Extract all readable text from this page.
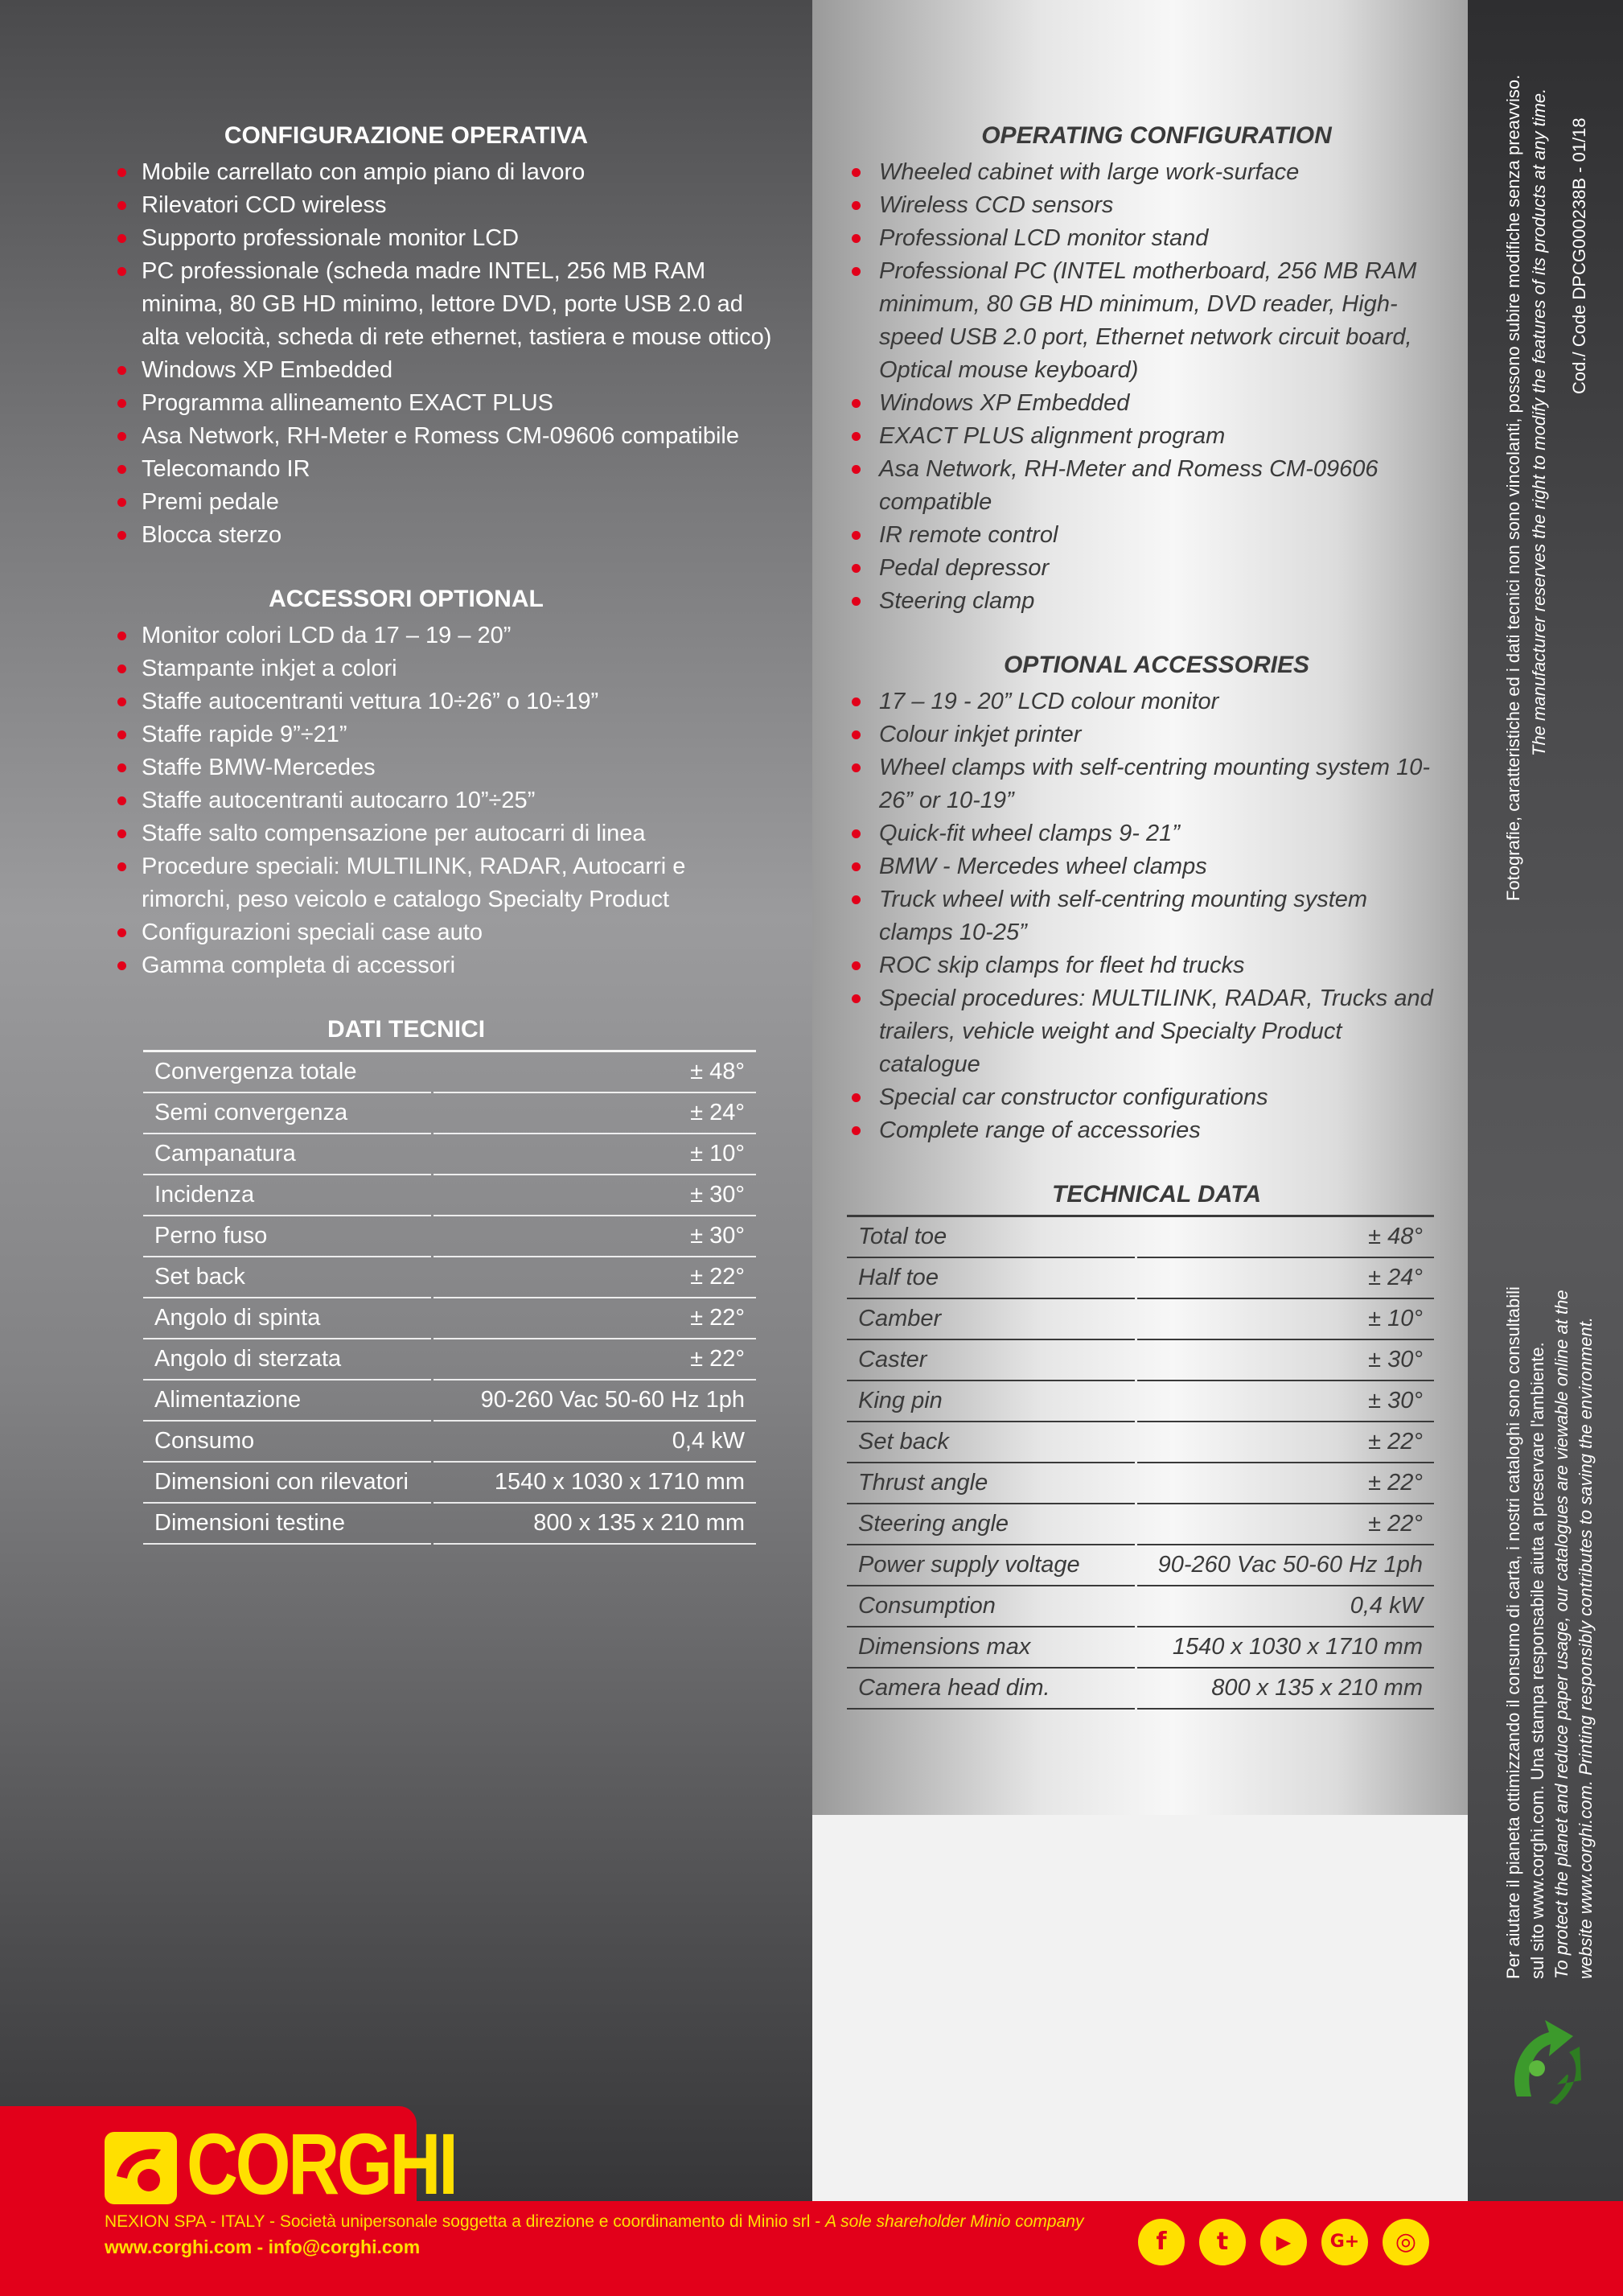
CONFIGURAZIONE OPERATIVA
Mobile carrellato con ampio piano di lavoro
Rilevatori CCD wireless
Supporto professionale monitor LCD
PC professionale (scheda madre INTEL, 256 MB RAM minima, 80 GB HD minimo, lettore DVD, porte USB 2.0 ad alta velocità, scheda di rete ethernet, tastiera e mouse ottico)
Windows XP Embedded
Programma allineamento EXACT PLUS
Asa Network, RH-Meter e Romess CM-09606 compatibile
Telecomando IR
Premi pedale
Blocca sterzo
ACCESSORI OPTIONAL
Monitor colori LCD da 17 – 19 – 20”
Stampante inkjet a colori
Staffe autocentranti vettura 10÷26” o 10÷19”
Staffe rapide 9”÷21”
Staffe BMW-Mercedes
Staffe autocentranti autocarro 10”÷25”
Staffe salto compensazione per autocarri di linea
Procedure speciali: MULTILINK, RADAR, Autocarri e rimorchi, peso veicolo e catalogo Specialty Product
Configurazioni speciali case auto
Gamma completa di accessori
DATI TECNICI
Convergenza totale	± 48°
Semi convergenza	± 24°
Campanatura	± 10°
Incidenza	± 30°
Perno fuso	± 30°
Set back	± 22°
Angolo di spinta	± 22°
Angolo di sterzata	± 22°
Alimentazione	90-260 Vac 50-60 Hz 1ph
Consumo	0,4 kW
Dimensioni con rilevatori	1540 x 1030 x 1710 mm
Dimensioni testine	800 x 135 x 210 mm
OPERATING CONFIGURATION
Wheeled cabinet with large work-surface
Wireless CCD sensors
Professional LCD monitor stand
Professional PC (INTEL motherboard, 256 MB RAM minimum, 80 GB HD minimum, DVD reader, High-speed USB 2.0 port, Ethernet network circuit board, Optical mouse keyboard)
Windows XP Embedded
EXACT PLUS alignment program
Asa Network, RH-Meter and Romess CM-09606 compatible
IR remote control
Pedal depressor
Steering clamp
OPTIONAL ACCESSORIES
17 – 19 - 20” LCD colour monitor
Colour inkjet printer
Wheel clamps with self-centring mounting system 10-26” or 10-19”
Quick-fit wheel clamps 9- 21”
BMW - Mercedes wheel clamps
Truck wheel with self-centring mounting system clamps 10-25”
ROC skip clamps for fleet hd trucks
Special procedures: MULTILINK, RADAR, Trucks and trailers, vehicle weight and Specialty Product catalogue
Special car constructor configurations
Complete range of accessories
TECHNICAL DATA
Total toe	± 48°
Half toe	± 24°
Camber	± 10°
Caster	± 30°
King pin	± 30°
Set back	± 22°
Thrust angle	± 22°
Steering angle	± 22°
Power supply voltage	90-260 Vac 50-60 Hz 1ph
Consumption	0,4 kW
Dimensions max	1540 x 1030 x 1710 mm
Camera head dim.	800 x 135 x 210 mm
Fotografie, caratteristiche ed i dati tecnici non sono vincolanti, possono subire modifiche senza preavviso. The manufacturer reserves the right to modify the features of its products at any time. Cod./ Code DPCG000238B - 01/18
Per aiutare il pianeta ottimizzando il consumo di carta, i nostri cataloghi sono consultabili sul sito www.corghi.com. Una stampa responsabile aiuta a preservare l'ambiente. To protect the planet and reduce paper usage, our catalogues are viewable online at the website www.corghi.com. Printing responsibly contributes to saving the environment.
CORGHI
NEXION SPA - ITALY - Società unipersonale soggetta a direzione e coordinamento di Minio srl - A sole shareholder Minio company
www.corghi.com - info@corghi.com	f	t	▶	G+	◎
